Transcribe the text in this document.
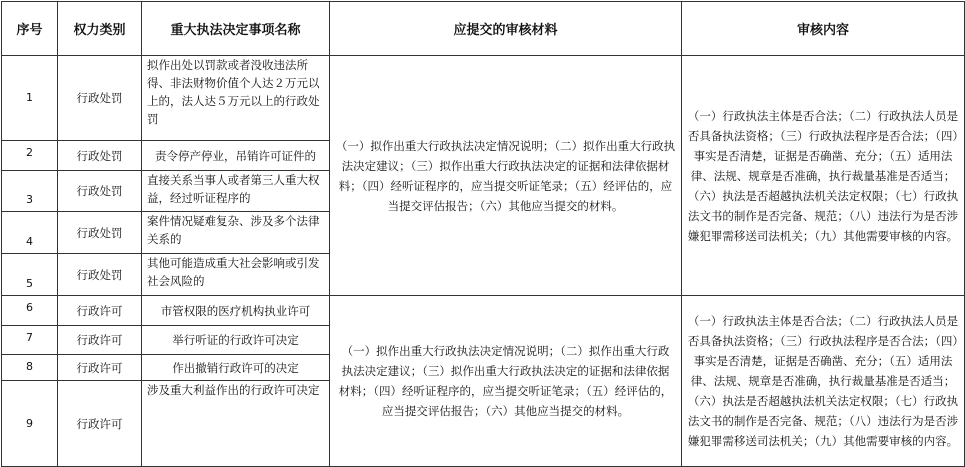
序号	权力类别	重大执法决定事项名称	应提交的审核材料	审核内容
1	行政处罚	拟作出处以罚款或者没收违法所得、非法财物价值个人达２万元以上的，法人达５万元以上的行政处罚	（一）拟作出重大行政执法决定情况说明；（二）拟作出重大行政执法决定建议；（三）拟作出重大行政执法决定的证据和法律依据材料；（四）经听证程序的，应当提交听证笔录；（五）经评估的，应当提交评估报告；（六）其他应当提交的材料。	（一）行政执法主体是否合法；（二）行政执法人员是否具备执法资格；（三）行政执法程序是否合法；（四）事实是否清楚，证据是否确凿、充分；（五）适用法律、法规、规章是否准确，执行裁量基准是否适当；（六）执法是否超越执法机关法定权限；（七）行政执法文书的制作是否完备、规范；（八）违法行为是否涉嫌犯罪需移送司法机关；（九）其他需要审核的内容。
2	行政处罚	责令停产停业，吊销许可证件的		
3	行政处罚	直接关系当事人或者第三人重大权益，经过听证程序的		
4	行政处罚	案件情况疑难复杂、涉及多个法律关系的		
5	行政处罚	其他可能造成重大社会影响或引发社会风险的		
6	行政许可	市管权限的医疗机构执业许可	（一）拟作出重大行政执法决定情况说明；（二）拟作出重大行政执法决定建议；（三）拟作出重大行政执法决定的证据和法律依据材料；（四）经听证程序的，应当提交听证笔录；（五）经评估的，应当提交评估报告；（六）其他应当提交的材料。	（一）行政执法主体是否合法；（二）行政执法人员是否具备执法资格；（三）行政执法程序是否合法；（四）事实是否清楚，证据是否确凿、充分；（五）适用法律、法规、规章是否准确，执行裁量基准是否适当；（六）执法是否超越执法机关法定权限；（七）行政执法文书的制作是否完备、规范；（八）违法行为是否涉嫌犯罪需移送司法机关；（九）其他需要审核的内容。
7	行政许可	举行听证的行政许可决定		
8	行政许可	作出撤销行政许可的决定		
9	行政许可	涉及重大利益作出的行政许可决定		
